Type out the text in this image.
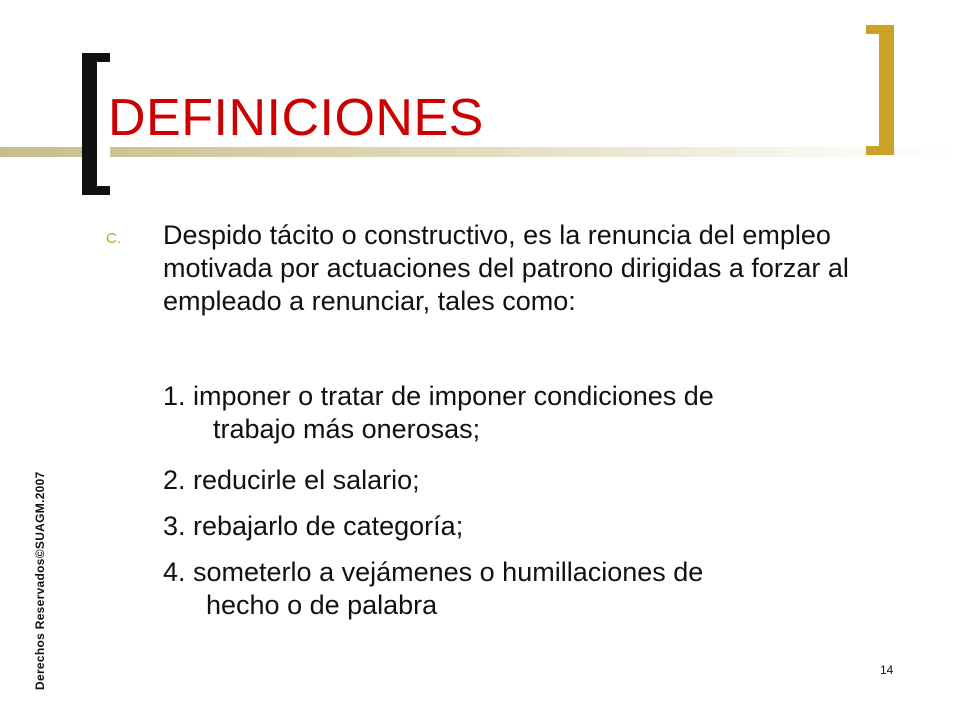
DEFINICIONES
C. Despido tácito o constructivo, es la renuncia del empleo motivada por actuaciones del patrono dirigidas a forzar al empleado a renunciar, tales como:
1. imponer o tratar de imponer condiciones de
trabajo más onerosas;
2. reducirle el salario;
3. rebajarlo de categoría;
4. someterlo a vejámenes o humillaciones de
hecho o de palabra
Derechos Reservados©SUAGM.2007	14
